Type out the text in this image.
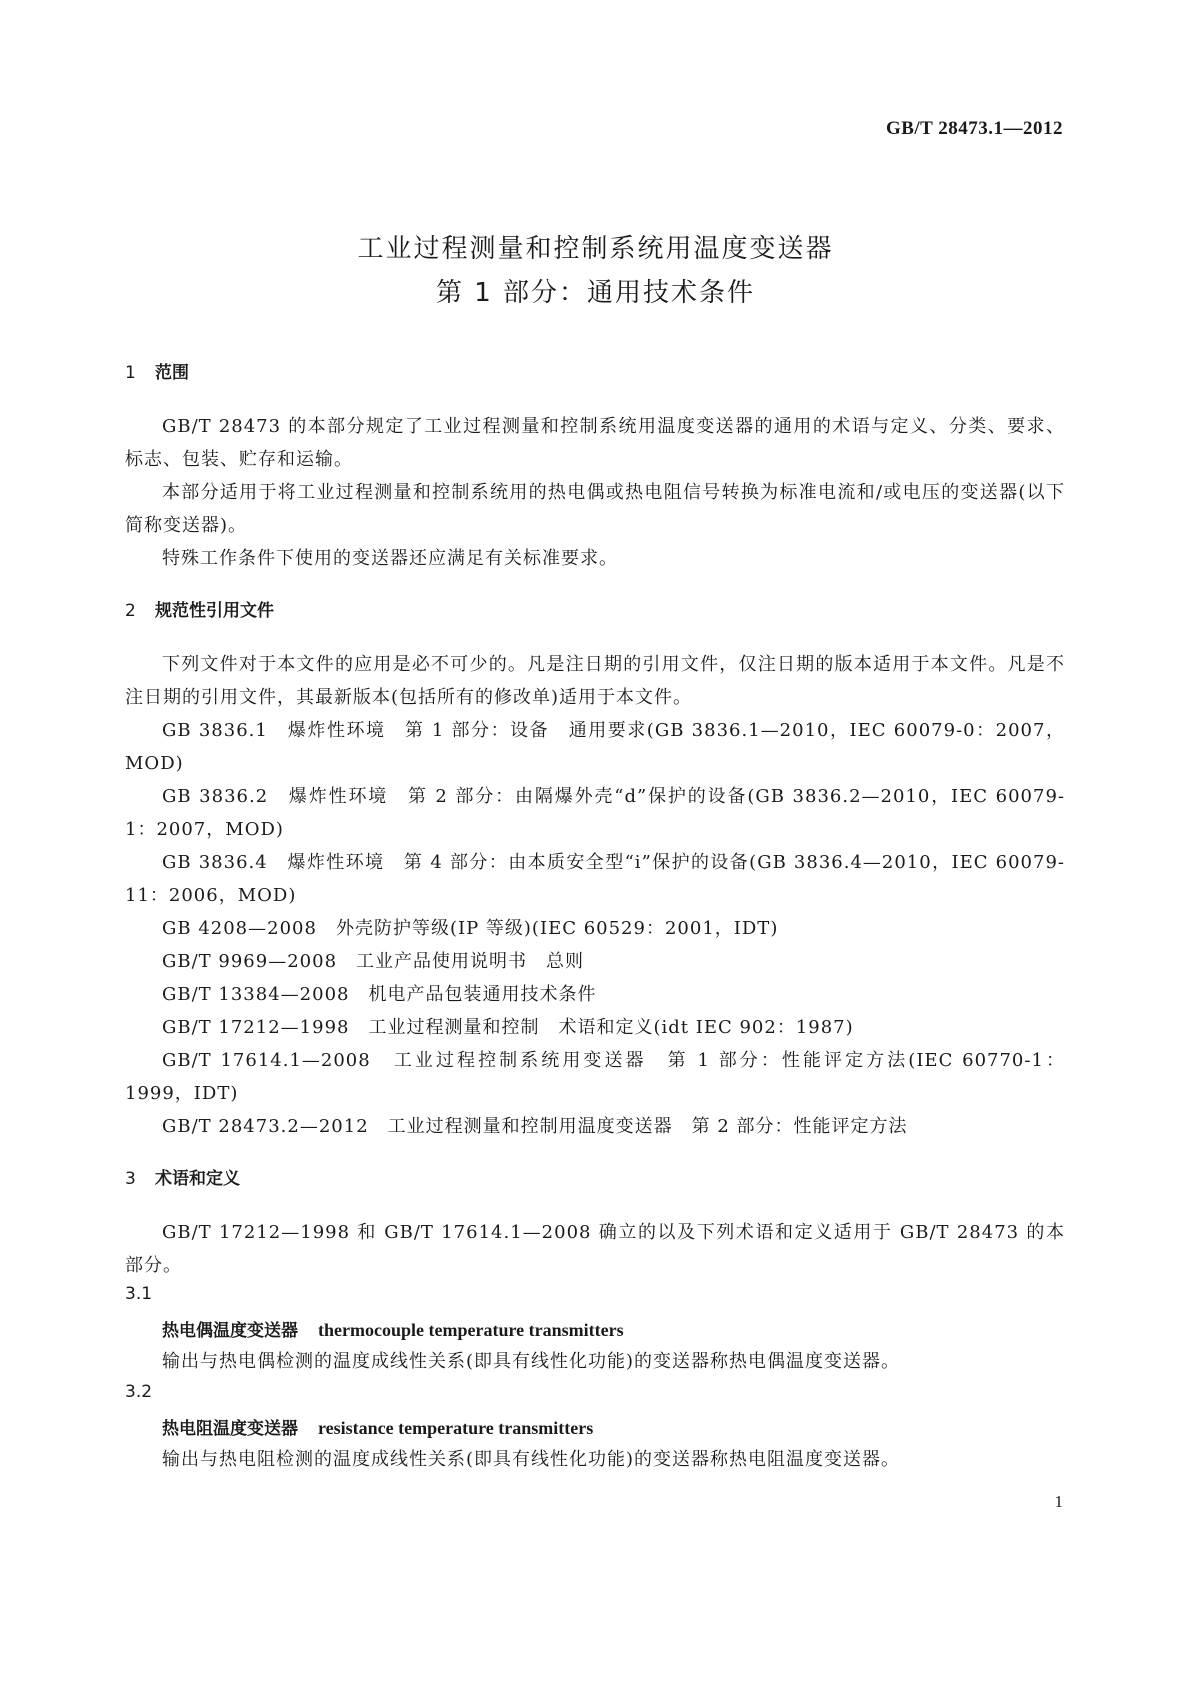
GB/T 28473.1—2012
工业过程测量和控制系统用温度变送器
第 1 部分：通用技术条件
1 范围
GB/T 28473 的本部分规定了工业过程测量和控制系统用温度变送器的通用的术语与定义、分类、要求、标志、包装、贮存和运输。
本部分适用于将工业过程测量和控制系统用的热电偶或热电阻信号转换为标准电流和/或电压的变送器(以下简称变送器)。
特殊工作条件下使用的变送器还应满足有关标准要求。
2 规范性引用文件
下列文件对于本文件的应用是必不可少的。凡是注日期的引用文件，仅注日期的版本适用于本文件。凡是不注日期的引用文件，其最新版本(包括所有的修改单)适用于本文件。
GB 3836.1　爆炸性环境　第 1 部分：设备　通用要求(GB 3836.1—2010，IEC 60079-0：2007，MOD)
GB 3836.2　爆炸性环境　第 2 部分：由隔爆外壳“d”保护的设备(GB 3836.2—2010，IEC 60079-1：2007，MOD)
GB 3836.4　爆炸性环境　第 4 部分：由本质安全型“i”保护的设备(GB 3836.4—2010，IEC 60079-11：2006，MOD)
GB 4208—2008　外壳防护等级(IP 等级)(IEC 60529：2001，IDT)
GB/T 9969—2008　工业产品使用说明书　总则
GB/T 13384—2008　机电产品包装通用技术条件
GB/T 17212—1998　工业过程测量和控制　术语和定义(idt IEC 902：1987)
GB/T 17614.1—2008　工业过程控制系统用变送器　第 1 部分：性能评定方法(IEC 60770-1：1999，IDT)
GB/T 28473.2—2012　工业过程测量和控制用温度变送器　第 2 部分：性能评定方法
3 术语和定义
GB/T 17212—1998 和 GB/T 17614.1—2008 确立的以及下列术语和定义适用于 GB/T 28473 的本部分。
3.1
热电偶温度变送器 thermocouple temperature transmitters
输出与热电偶检测的温度成线性关系(即具有线性化功能)的变送器称热电偶温度变送器。
3.2
热电阻温度变送器 resistance temperature transmitters
输出与热电阻检测的温度成线性关系(即具有线性化功能)的变送器称热电阻温度变送器。
1
